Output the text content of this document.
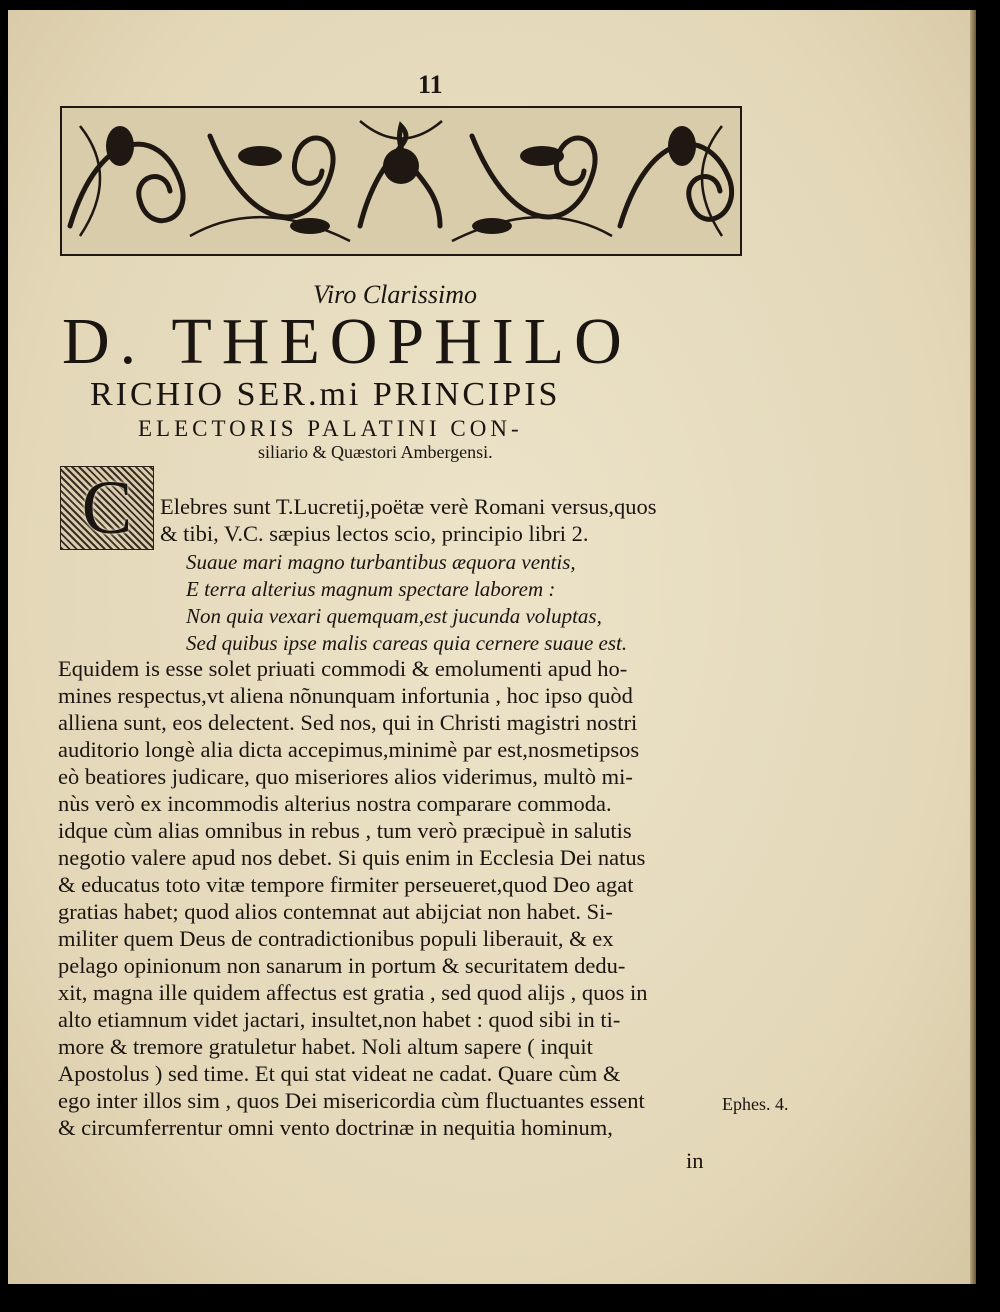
11
Viro Clarissimo
D. THEOPHILO
RICHIO SER.mi PRINCIPIS
ELECTORIS PALATINI CON-
siliario & Quæstori Ambergensi.
C	Elebres sunt T.Lucretij,poëtæ verè Romani versus,quos
& tibi, V.C. sæpius lectos scio, principio libri 2.
Suaue mari magno turbantibus æquora ventis,
E terra alterius magnum spectare laborem :
Non quia vexari quemquam,est jucunda voluptas,
Sed quibus ipse malis careas quia cernere suaue est.
Equidem is esse solet priuati commodi & emolumenti apud ho-
mines respectus,vt aliena nõnunquam infortunia , hoc ipso quòd
alliena sunt, eos delectent. Sed nos, qui in Christi magistri nostri
auditorio longè alia dicta accepimus,minimè par est,nosmetipsos
eò beatiores judicare, quo miseriores alios viderimus, multò mi-
nùs verò ex incommodis alterius nostra comparare commoda.
idque cùm alias omnibus in rebus , tum verò præcipuè in salutis
negotio valere apud nos debet. Si quis enim in Ecclesia Dei natus
& educatus toto vitæ tempore firmiter perseueret,quod Deo agat
gratias habet; quod alios contemnat aut abijciat non habet. Si-
militer quem Deus de contradictionibus populi liberauit, & ex
pelago opinionum non sanarum in portum & securitatem dedu-
xit, magna ille quidem affectus est gratia , sed quod alijs , quos in
alto etiamnum videt jactari, insultet,non habet : quod sibi in ti-
more & tremore gratuletur habet. Noli altum sapere ( inquit
Apostolus ) sed time. Et qui stat videat ne cadat. Quare cùm &
ego inter illos sim , quos Dei misericordia cùm fluctuantes essent
& circumferrentur omni vento doctrinæ in nequitia hominum,
in
Ephes. 4.
